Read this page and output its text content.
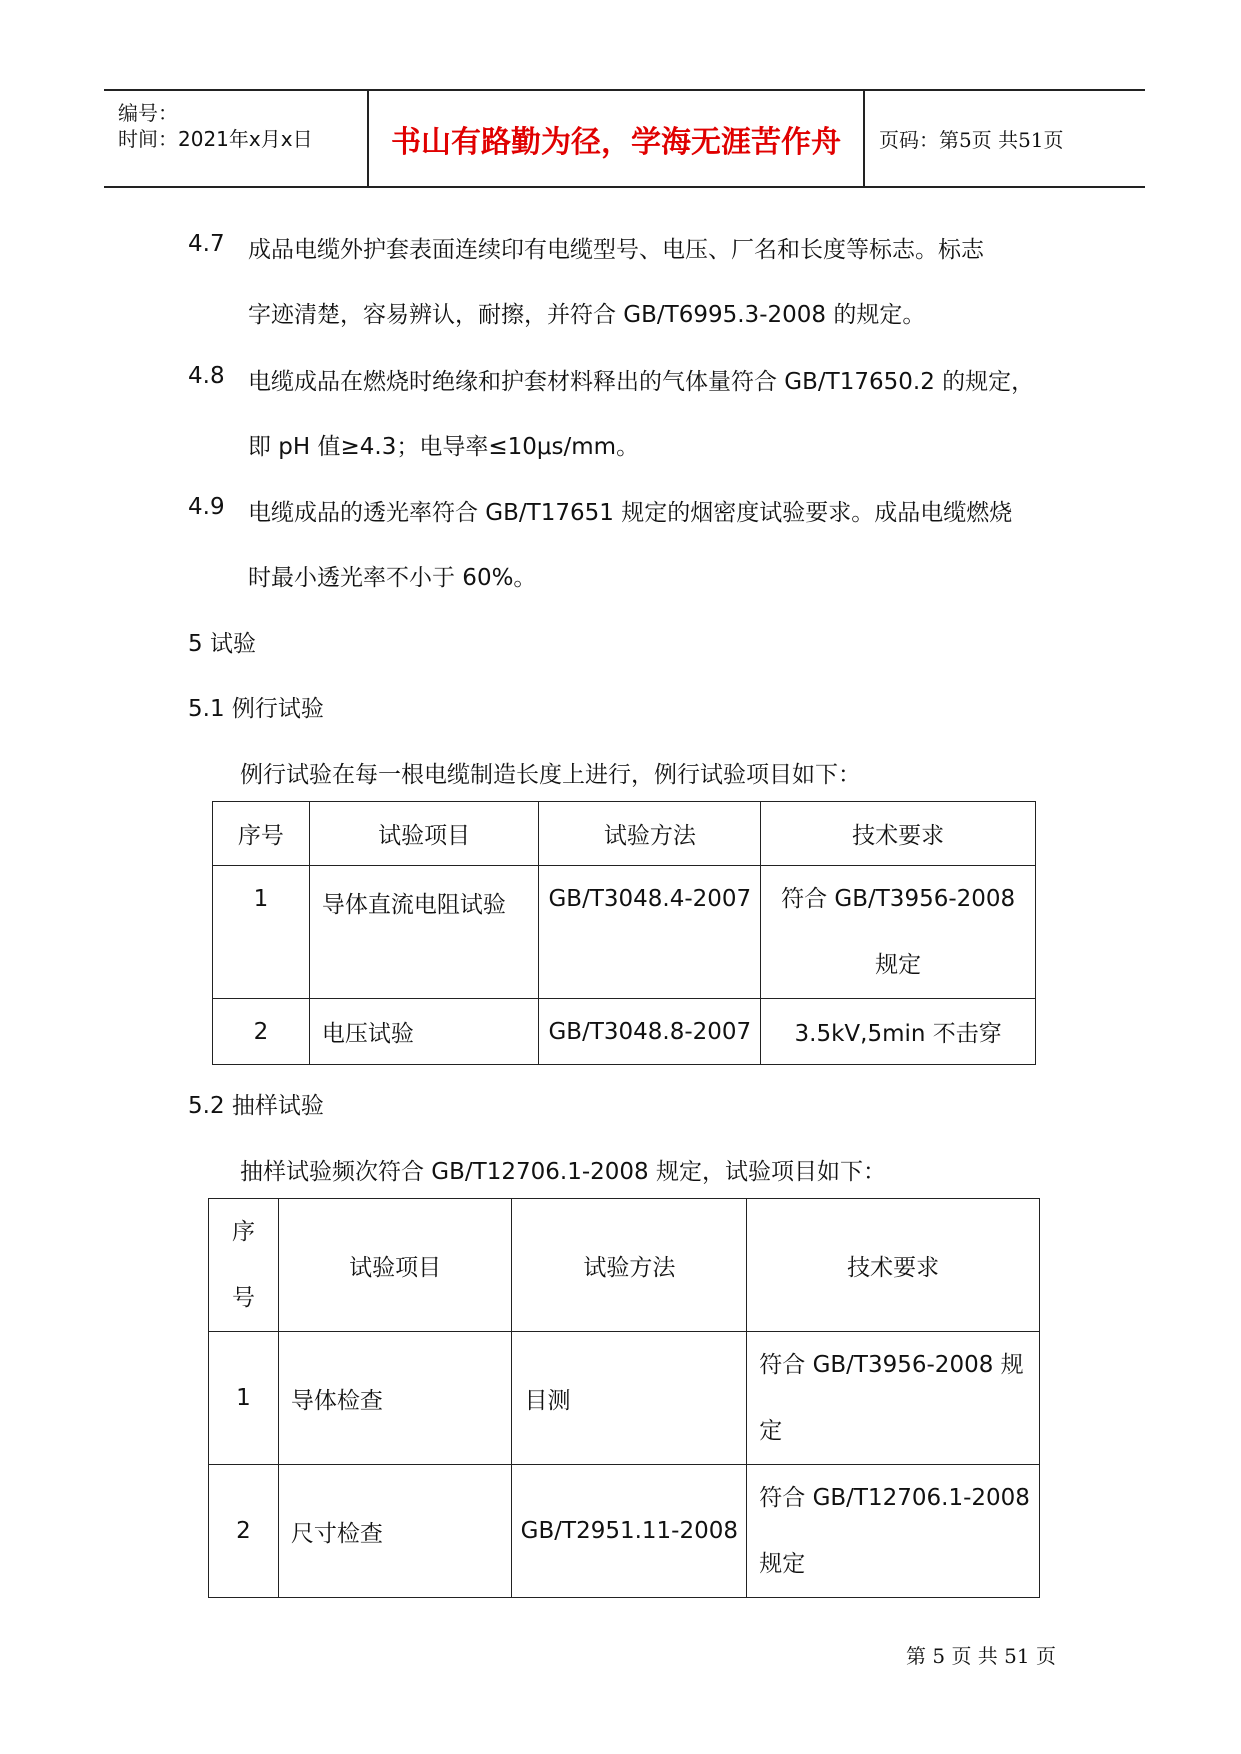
编号：
时间：2021年x月x日	书山有路勤为径，学海无涯苦作舟	页码：第5页 共51页
4.7 成品电缆外护套表面连续印有电缆型号、电压、厂名和长度等标志。标志
字迹清楚，容易辨认，耐擦，并符合 GB/T6995.3-2008 的规定。
4.8 电缆成品在燃烧时绝缘和护套材料释出的气体量符合 GB/T17650.2 的规定，
即 pH 值≥4.3；电导率≤10μs/mm。
4.9 电缆成品的透光率符合 GB/T17651 规定的烟密度试验要求。成品电缆燃烧
时最小透光率不小于 60%。
5 试验
5.1 例行试验
例行试验在每一根电缆制造长度上进行，例行试验项目如下：
序号	试验项目	试验方法	技术要求
1	导体直流电阻试验	GB/T3048.4-2007	符合 GB/T3956-2008
规定

2	电压试验	GB/T3048.8-2007	3.5kV,5min 不击穿
5.2 抽样试验
抽样试验频次符合 GB/T12706.1-2008 规定，试验项目如下：
序
号	试验项目	试验方法	技术要求
1	导体检查	目测	符合 GB/T3956-2008 规
定

2	尺寸检查	GB/T2951.11-2008	符合 GB/T12706.1-2008
规定
第 5 页 共 51 页
